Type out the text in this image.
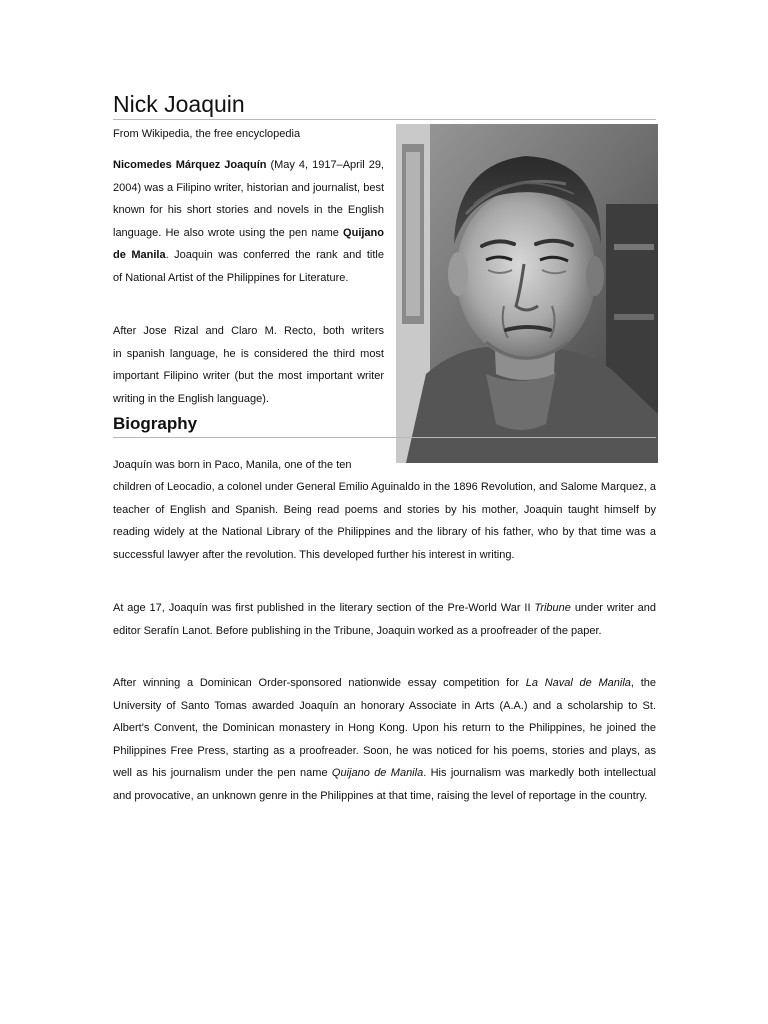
Nick Joaquin

From Wikipedia, the free encyclopedia

Nicomedes Márquez Joaquín (May 4, 1917–April 29, 2004) was a Filipino writer, historian and journalist, best known for his short stories and novels in the English language. He also wrote using the pen name Quijano de Manila. Joaquin was conferred the rank and title of National Artist of the Philippines for Literature.

After Jose Rizal and Claro M. Recto, both writers in spanish language, he is considered the third most important Filipino writer (but the most important writer writing in the English language).

Biography

Joaquín was born in Paco, Manila, one of the ten

children of Leocadio, a colonel under General Emilio Aguinaldo in the 1896 Revolution, and Salome Marquez, a teacher of English and Spanish. Being read poems and stories by his mother, Joaquin taught himself by reading widely at the National Library of the Philippines and the library of his father, who by that time was a successful lawyer after the revolution. This developed further his interest in writing.

At age 17, Joaquín was first published in the literary section of the Pre-World War II Tribune under writer and editor Serafín Lanot. Before publishing in the Tribune, Joaquin worked as a proofreader of the paper.

After winning a Dominican Order-sponsored nationwide essay competition for La Naval de Manila, the University of Santo Tomas awarded Joaquín an honorary Associate in Arts (A.A.) and a scholarship to St. Albert's Convent, the Dominican monastery in Hong Kong. Upon his return to the Philippines, he joined the Philippines Free Press, starting as a proofreader. Soon, he was noticed for his poems, stories and plays, as well as his journalism under the pen name Quijano de Manila. His journalism was markedly both intellectual and provocative, an unknown genre in the Philippines at that time, raising the level of reportage in the country.
